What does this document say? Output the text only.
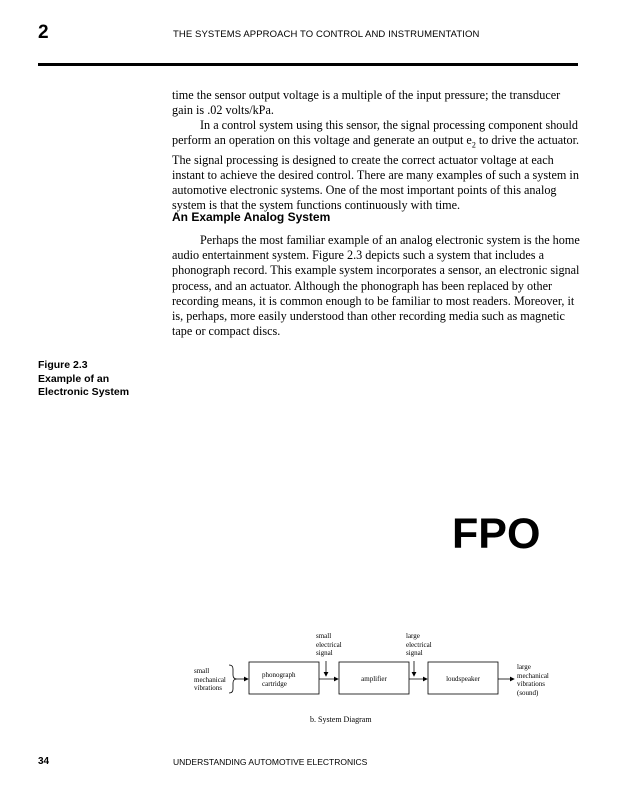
2	THE SYSTEMS APPROACH TO CONTROL AND INSTRUMENTATION
time the sensor output voltage is a multiple of the input pressure; the transducer gain is .02 volts/kPa.
In a control system using this sensor, the signal processing component should perform an operation on this voltage and generate an output $e_2$ to drive the actuator. The signal processing is designed to create the correct actuator voltage at each instant to achieve the desired control. There are many examples of such a system in automotive electronic systems. One of the most important points of this analog system is that the system functions continuously with time.
An Example Analog System
Perhaps the most familiar example of an analog electronic system is the home audio entertainment system. Figure 2.3 depicts such a system that includes a phonograph record. This example system incorporates a sensor, an electronic signal process, and an actuator. Although the phonograph has been replaced by other recording means, it is common enough to be familiar to most readers. Moreover, it is, perhaps, more easily understood than other recording media such as magnetic tape or compact discs.
Figure 2.3
Example of an
Electronic System
FPO
small
mechanical
vibrations
phonograph
cartridge
amplifier	loudspeaker
small
electrical
signal
large
electrical
signal
large
mechanical
vibrations
(sound)
b. System Diagram
34	UNDERSTANDING AUTOMOTIVE ELECTRONICS
